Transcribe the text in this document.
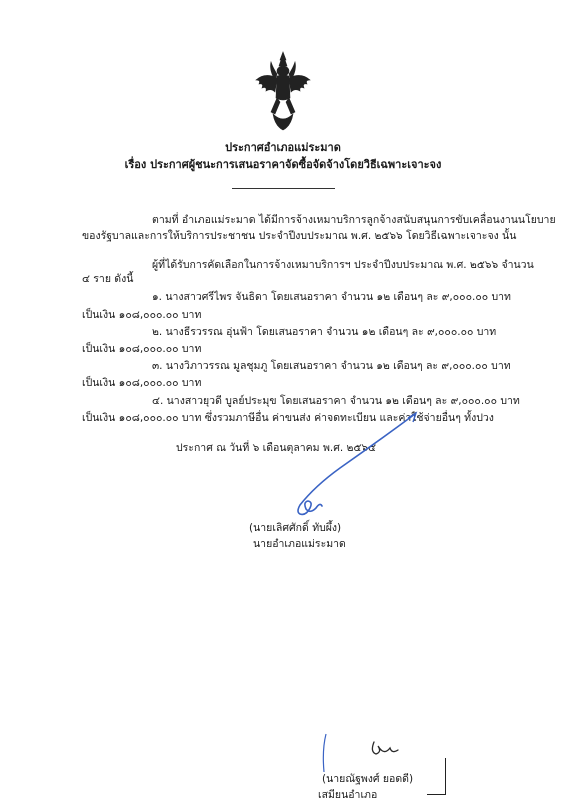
ประกาศอำเภอแม่ระมาด
เรื่อง ประกาศผู้ชนะการเสนอราคาจัดซื้อจัดจ้างโดยวิธีเฉพาะเจาะจง
ตามที่ อำเภอแม่ระมาด ได้มีการจ้างเหมาบริการลูกจ้างสนับสนุนการขับเคลื่อนงานนโยบาย
ของรัฐบาลและการให้บริการประชาชน ประจำปีงบประมาณ พ.ศ. ๒๕๖๖ โดยวิธีเฉพาะเจาะจง นั้น
ผู้ที่ได้รับการคัดเลือกในการจ้างเหมาบริการฯ ประจำปีงบประมาณ พ.ศ. ๒๕๖๖ จำนวน
๔ ราย ดังนี้
๑. นางสาวศรีไพร จันธิดา โดยเสนอราคา จำนวน ๑๒ เดือนๆ ละ ๙,๐๐๐.๐๐ บาท
เป็นเงิน ๑๐๘,๐๐๐.๐๐ บาท
๒. นางธีรวรรณ อุ่นฟ้า โดยเสนอราคา จำนวน ๑๒ เดือนๆ ละ ๙,๐๐๐.๐๐ บาท
เป็นเงิน ๑๐๘,๐๐๐.๐๐ บาท
๓. นางวิภาวรรณ มูลชุมภู โดยเสนอราคา จำนวน ๑๒ เดือนๆ ละ ๙,๐๐๐.๐๐ บาท
เป็นเงิน ๑๐๘,๐๐๐.๐๐ บาท
๔. นางสาวยุวดี บูลย์ประมุข โดยเสนอราคา จำนวน ๑๒ เดือนๆ ละ ๙,๐๐๐.๐๐ บาท
เป็นเงิน ๑๐๘,๐๐๐.๐๐ บาท ซึ่งรวมภาษีอื่น ค่าขนส่ง ค่าจดทะเบียน และค่าใช้จ่ายอื่นๆ ทั้งปวง
ประกาศ ณ วันที่ ๖ เดือนตุลาคม พ.ศ. ๒๕๖๕
(นายเลิศศักดิ์ ทับผึ้ง)
นายอำเภอแม่ระมาด
(นายณัฐพงศ์ ยอดดี)
เสมียนอำเภอ
